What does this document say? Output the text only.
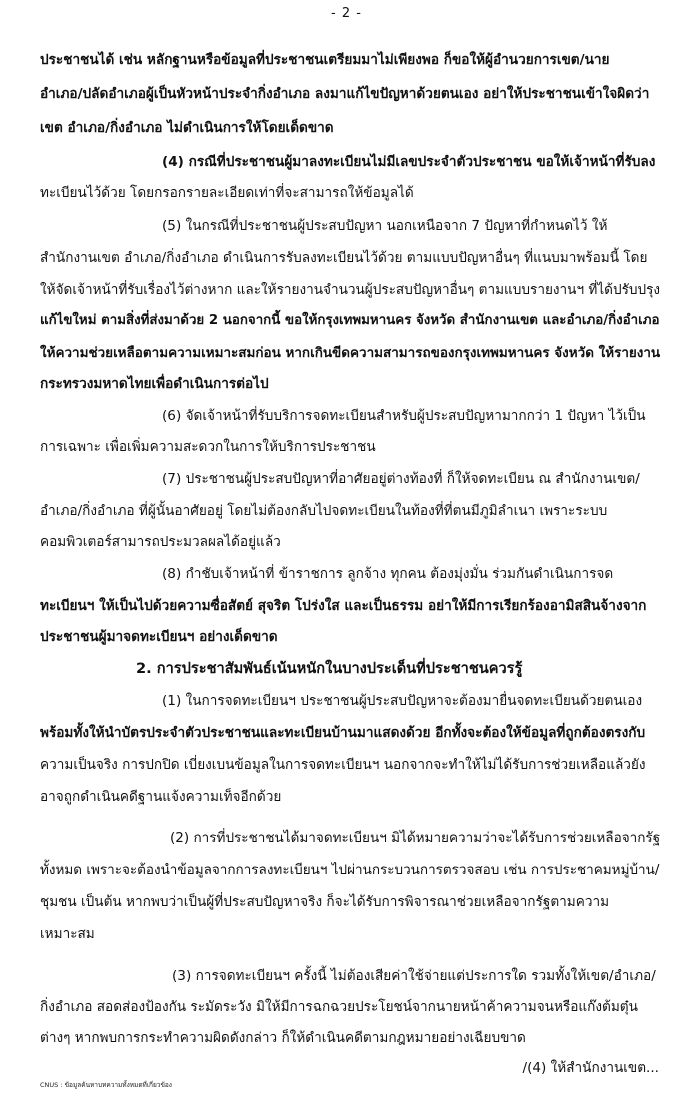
- 2 -
ประชาชนได้ เช่น หลักฐานหรือข้อมูลที่ประชาชนเตรียมมาไม่เพียงพอ ก็ขอให้ผู้อำนวยการเขต/นาย
อำเภอ/ปลัดอำเภอผู้เป็นหัวหน้าประจำกิ่งอำเภอ ลงมาแก้ไขปัญหาด้วยตนเอง อย่าให้ประชาชนเข้าใจผิดว่า
เขต อำเภอ/กิ่งอำเภอ ไม่ดำเนินการให้โดยเด็ดขาด
(4) กรณีที่ประชาชนผู้มาลงทะเบียนไม่มีเลขประจำตัวประชาชน ขอให้เจ้าหน้าที่รับลง
ทะเบียนไว้ด้วย โดยกรอกรายละเอียดเท่าที่จะสามารถให้ข้อมูลได้
(5) ในกรณีที่ประชาชนผู้ประสบปัญหา นอกเหนือจาก 7 ปัญหาที่กำหนดไว้ ให้
สำนักงานเขต อำเภอ/กิ่งอำเภอ ดำเนินการรับลงทะเบียนไว้ด้วย ตามแบบปัญหาอื่นๆ ที่แนบมาพร้อมนี้ โดย
ให้จัดเจ้าหน้าที่รับเรื่องไว้ต่างหาก และให้รายงานจำนวนผู้ประสบปัญหาอื่นๆ ตามแบบรายงานฯ ที่ได้ปรับปรุง
แก้ไขใหม่ ตามสิ่งที่ส่งมาด้วย 2 นอกจากนี้ ขอให้กรุงเทพมหานคร จังหวัด สำนักงานเขต และอำเภอ/กิ่งอำเภอ
ให้ความช่วยเหลือตามความเหมาะสมก่อน หากเกินขีดความสามารถของกรุงเทพมหานคร จังหวัด ให้รายงาน
กระทรวงมหาดไทยเพื่อดำเนินการต่อไป
(6) จัดเจ้าหน้าที่รับบริการจดทะเบียนสำหรับผู้ประสบปัญหามากกว่า 1 ปัญหา ไว้เป็น
การเฉพาะ เพื่อเพิ่มความสะดวกในการให้บริการประชาชน
(7) ประชาชนผู้ประสบปัญหาที่อาศัยอยู่ต่างท้องที่ ก็ให้จดทะเบียน ณ สำนักงานเขต/
อำเภอ/กิ่งอำเภอ ที่ผู้นั้นอาศัยอยู่ โดยไม่ต้องกลับไปจดทะเบียนในท้องที่ที่ตนมีภูมิลำเนา เพราะระบบ
คอมพิวเตอร์สามารถประมวลผลได้อยู่แล้ว
(8) กำชับเจ้าหน้าที่ ข้าราชการ ลูกจ้าง ทุกคน ต้องมุ่งมั่น ร่วมกันดำเนินการจด
ทะเบียนฯ ให้เป็นไปด้วยความซื่อสัตย์ สุจริต โปร่งใส และเป็นธรรม อย่าให้มีการเรียกร้องอามิสสินจ้างจาก
ประชาชนผู้มาจดทะเบียนฯ อย่างเด็ดขาด
2. การประชาสัมพันธ์เน้นหนักในบางประเด็นที่ประชาชนควรรู้
(1) ในการจดทะเบียนฯ ประชาชนผู้ประสบปัญหาจะต้องมายื่นจดทะเบียนด้วยตนเอง
พร้อมทั้งให้นำบัตรประจำตัวประชาชนและทะเบียนบ้านมาแสดงด้วย อีกทั้งจะต้องให้ข้อมูลที่ถูกต้องตรงกับ
ความเป็นจริง การปกปิด เบี่ยงเบนข้อมูลในการจดทะเบียนฯ นอกจากจะทำให้ไม่ได้รับการช่วยเหลือแล้วยัง
อาจถูกดำเนินคดีฐานแจ้งความเท็จอีกด้วย
(2) การที่ประชาชนได้มาจดทะเบียนฯ มิได้หมายความว่าจะได้รับการช่วยเหลือจากรัฐ
ทั้งหมด เพราะจะต้องนำข้อมูลจากการลงทะเบียนฯ ไปผ่านกระบวนการตรวจสอบ เช่น การประชาคมหมู่บ้าน/
ชุมชน เป็นต้น หากพบว่าเป็นผู้ที่ประสบปัญหาจริง ก็จะได้รับการพิจารณาช่วยเหลือจากรัฐตามความ
เหมาะสม
(3) การจดทะเบียนฯ ครั้งนี้ ไม่ต้องเสียค่าใช้จ่ายแต่ประการใด รวมทั้งให้เขต/อำเภอ/
กิ่งอำเภอ สอดส่องป้องกัน ระมัดระวัง มิให้มีการฉกฉวยประโยชน์จากนายหน้าค้าความจนหรือแก๊งต้มตุ๋น
ต่างๆ หากพบการกระทำความผิดดังกล่าว ก็ให้ดำเนินคดีตามกฎหมายอย่างเฉียบขาด
/(4) ให้สำนักงานเขต...
CNUS : ข้อมูลค้นหาบทความทั้งหมดที่เกี่ยวข้อง
